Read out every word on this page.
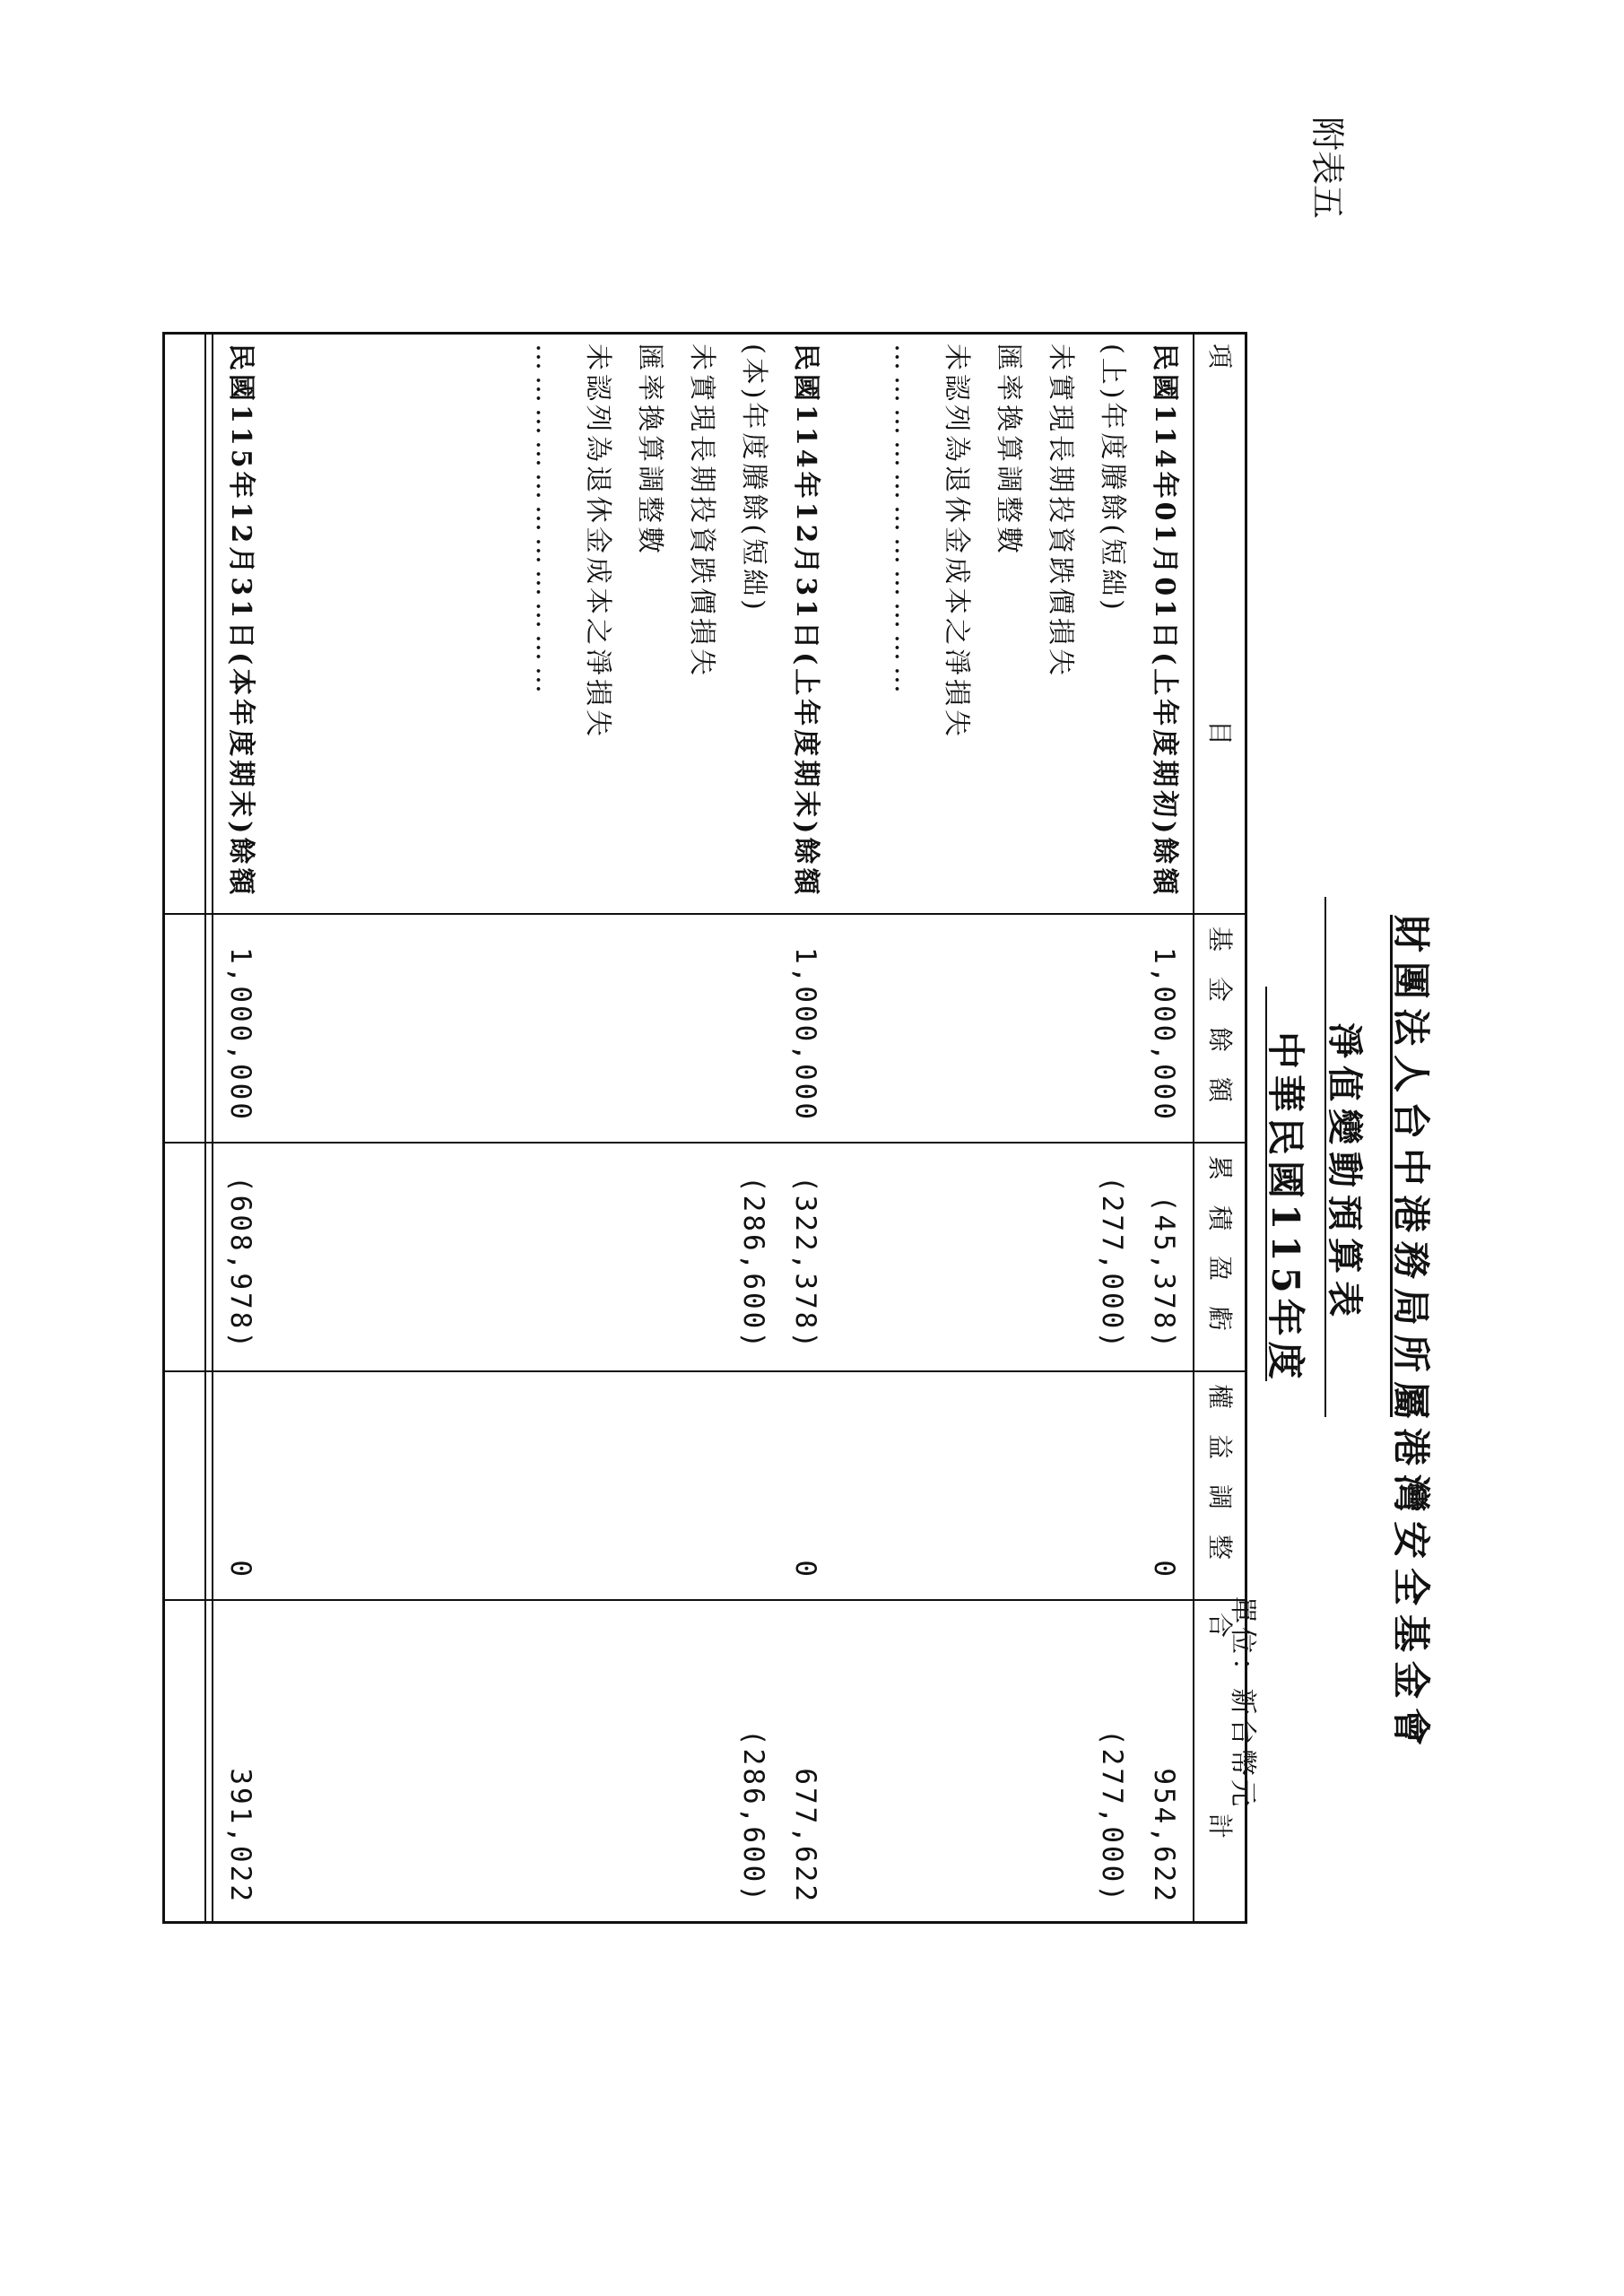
附表五
財團法人台中港務局所屬港灣安全基金會
淨值變動預算表
中華民國115年度
單位：新台幣元
項　　　　　　　　　　　　　　目
基　金　餘　額
累　積　盈　虧
權　益　調　整
合　　　　　　　計
民國114年01月01日(上年度期初)餘額
1,000,000
(45,378)
0
954,622
(上)年度賸餘(短絀)
(277,000)
(277,000)
未實現長期投資跌價損失
匯率換算調整數
未認列為退休金成本之淨損失
……………………………
民國114年12月31日(上年度期末)餘額
1,000,000
(322,378)
0
677,622
(本)年度賸餘(短絀)
(286,600)
(286,600)
未實現長期投資跌價損失
匯率換算調整數
未認列為退休金成本之淨損失
……………………………
民國115年12月31日(本年度期末)餘額
1,000,000
(608,978)
0
391,022
